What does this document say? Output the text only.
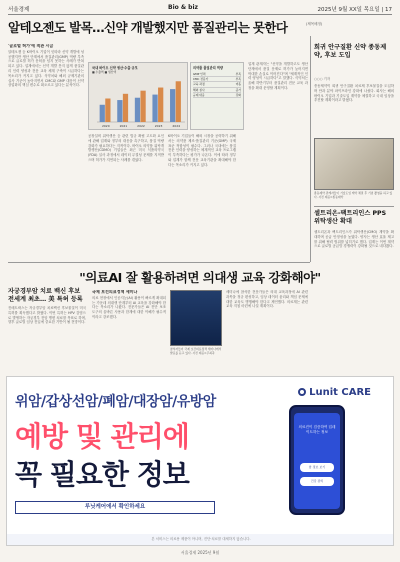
서울경제	Bio & biz	2025년 9월 XX일 목요일 | 17
알테오젠도 발목…신약 개발했지만 품질관리는 못한다	(제목배정)
'글로벌 허가'에 적관 시급
알테오젠 등 K바이오 기업이 잇따라 신약 개발에 성공했지만 생산 단계에서 품질관리(GMP) 역량 부족으로 글로벌 허가 문턱을 넘지 못하는 사례가 반복되고 있다. 업계에서는 신약 개발 못지 않게 품질관리 인력 양성과 전문 교육 체계 구축이 시급하다는 목소리가 커지고 있다. 식약처와 해외 규제기관의 실사 기준이 높아지면서 CMC와 GMP 대응이 신약 상업화의 핵심 변수로 떠오르고 있다는 분석이다.
국내 바이오 신약 생산·수출 규모
■ 수출액 ■ 생산액
2020	2021	2022	2023	2024
의약품 품질관리 역량
GMP 인력	부족
CMC 전문가	부족
교육 과정	미흡
해외 실사	증가
규제 대응	강화
공장설비 위탁생산 등 관련 법규 확립 고도화 요인에 관해 업계와 정부의 대응을 촉구하고, 품질 역량 강화가 필요하다는 지적이다. 바이오 의약품 위탁개발생산(CDMO) 기업들은 최근 미국 식품의약국(FDA) 실사 과정에서 데이터 무결성 문제를 지적받으며 허가가 지연되는 사례를 겪었다.
K바이오 기업들이 해외 시장을 공략하기 위해서는 의약품 제조·품질관리 기준(GMP) 국제 표준 적합성이 필수다. 그러나 국내에는 품질 전문 인력을 양성하는 체계적인 교육 프로그램이 부족하다는 평가가 나온다. 이에 따라 정부와 업계가 함께 전문 교육기관을 확대해야 한다는 목소리가 커지고 있다.
업계 관계자는 "신약을 개발하고도 생산 단계에서 품질 문제로 허가가 늦어지면 막대한 손실로 이어진다"며 "체계적인 인력 양성이 시급하다"고 말했다. 식약처는 올해 하반기부터 품질관리 전문 교육 과정을 확대 운영할 계획이다.
희귀 안구질환 신약 종동제약, 후보 도입
○○○ 기자
종동제약이 희귀 안구질환 치료제 후보물질을 도입하며 안과 분야 파이프라인 강화에 나섰다. 회사는 해외 바이오 기업과 기술도입 계약을 체결하고 국내 임상을 추진할 계획이라고 밝혔다.
종동제약 관계자들이 기술도입 계약 체결 후 기념 촬영을 하고 있다. 사진 제공=종동제약
셀트리온-팩트리인스 PPS 위탁생산 확대
셀트리온과 팩트리인스가 위탁생산(CMO) 계약을 확대하며 공급 안정성을 높였다. 양사는 생산 효율 제고를 위해 협력 범위를 넓히기로 했다. 업계는 이번 계약으로 글로벌 공급망 경쟁력이 강화될 것으로 내다봤다.
"의료AI 잘 활용하려면 의대생 교육 강화해야"
자궁경부암 치료 백신 후보 전세계 최초… 美 특허 등록
진매트릭스는 자궁경부암 치료백신 후보물질이 미국 특허를 획득했다고 밝혔다. 이번 특허는 HPV 감염으로 발생하는 자궁경부 전암 병변 치료를 목표로 하며, 향후 글로벌 임상 진입에 중요한 기반이 될 전망이다.
국제 보건의료정책 세미나
의료 현장에서 인공지능(AI) 활용이 빠르게 확대되는 가운데 의대생 단계부터 AI 교육을 강화해야 한다는 목소리가 나왔다. 전문가들은 AI 진단 보조 도구의 올바른 사용과 한계에 대한 이해가 필수적이라고 강조했다.
참석자들이 국제 보건의료정책 세미나에서 발표를 듣고 있다. 사진 제공=주최측
세미나에 참석한 전문가들은 의대 교육과정에 AI 관련 과목을 정규 편성하고, 임상 데이터 윤리와 책임 문제에 대한 교육도 병행해야 한다고 제언했다. 의료계는 관련 교육 지침 마련에 나설 계획이다.
Lunit CARE
위암/갑상선암/폐암/대장암/유방암
예방 및 관리에
꼭 필요한 정보
루닛케어에서 확인하세요
의료진이 검증하여 업데이트하는 정보
암 정보 보기
건강 관리
본 서비스는 의료용 제품이 아니며, 진단·치료를 대체하지 않습니다.
서울경제 2025년 9월
